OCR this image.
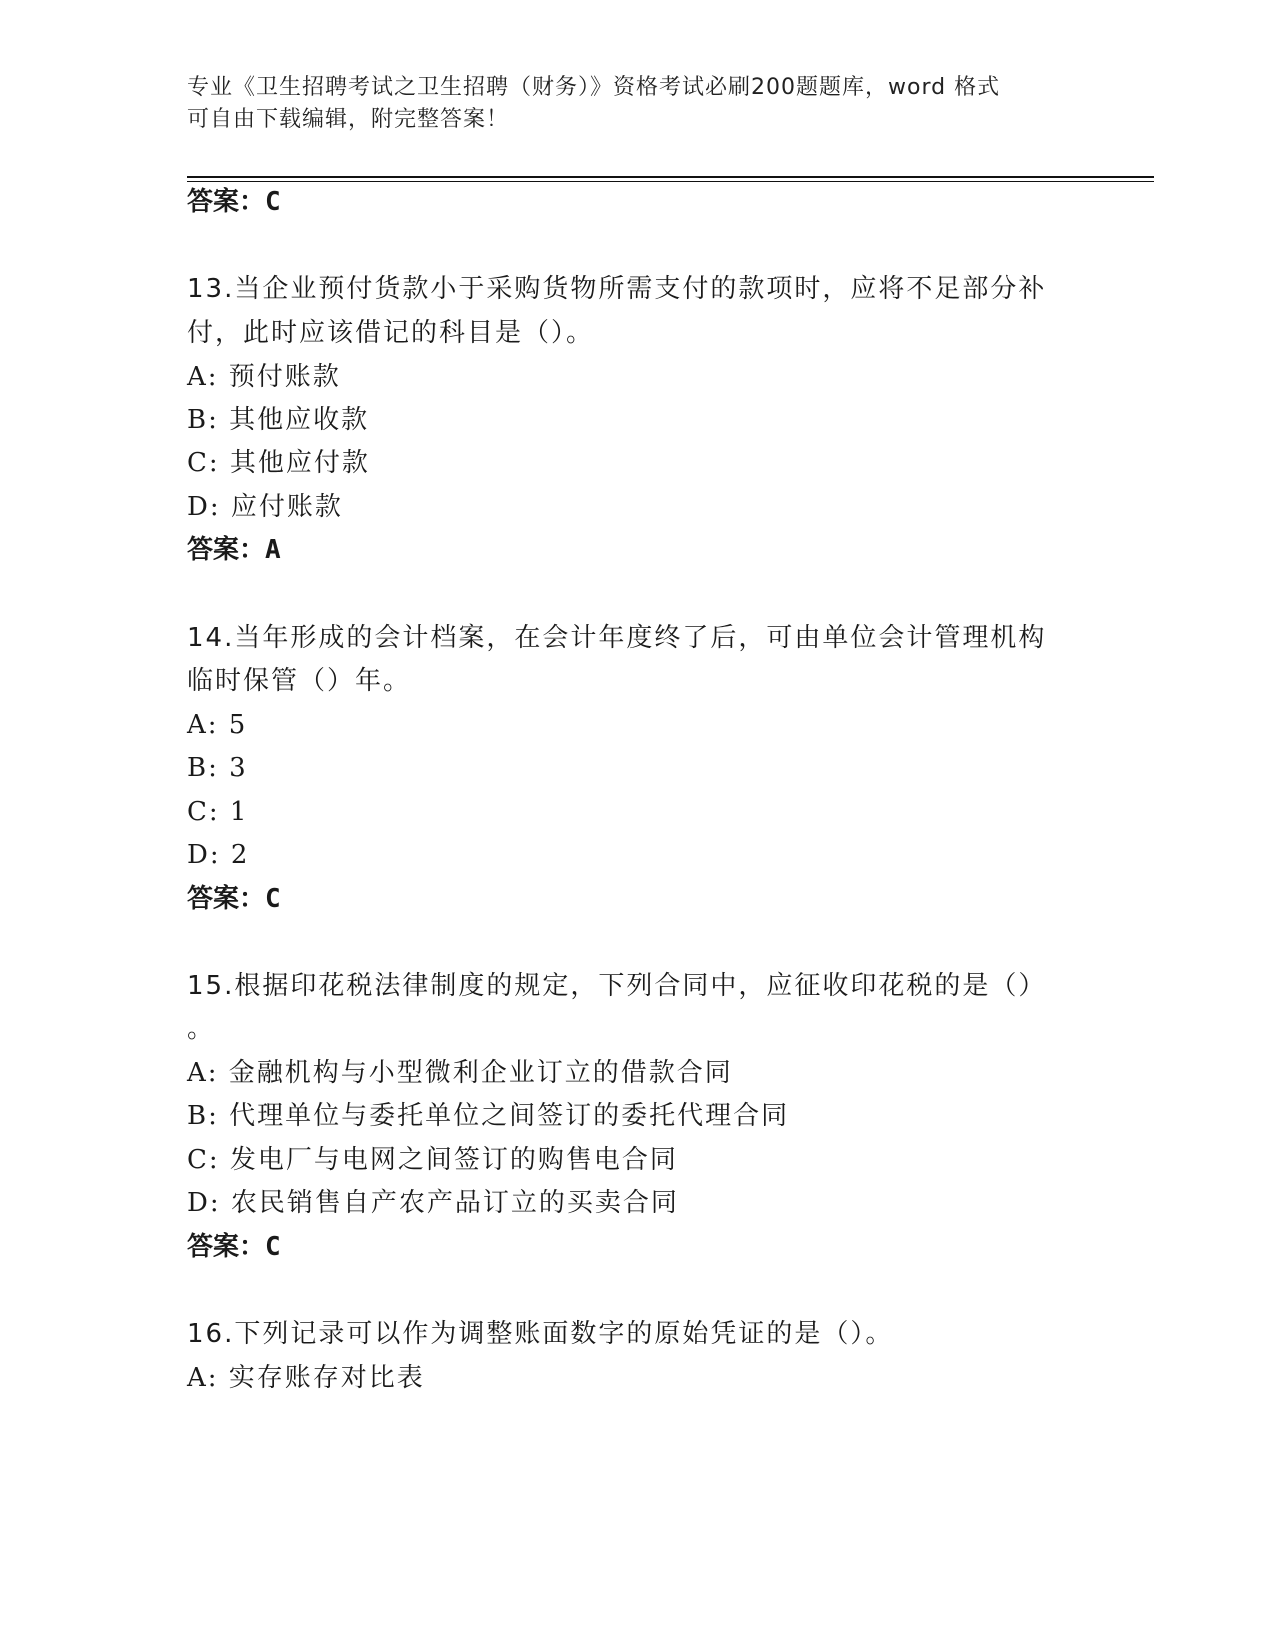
专业《卫生招聘考试之卫生招聘（财务）》资格考试必刷200题题库，word 格式
可自由下载编辑，附完整答案！
答案：C
13.当企业预付货款小于采购货物所需支付的款项时，应将不足部分补
付，此时应该借记的科目是（）。
A: 预付账款
B: 其他应收款
C: 其他应付款
D: 应付账款
答案：A
14.当年形成的会计档案，在会计年度终了后，可由单位会计管理机构
临时保管（）年。
A: 5
B: 3
C: 1
D: 2
答案：C
15.根据印花税法律制度的规定，下列合同中，应征收印花税的是（）
。
A: 金融机构与小型微利企业订立的借款合同
B: 代理单位与委托单位之间签订的委托代理合同
C: 发电厂与电网之间签订的购售电合同
D: 农民销售自产农产品订立的买卖合同
答案：C
16.下列记录可以作为调整账面数字的原始凭证的是（）。
A: 实存账存对比表
